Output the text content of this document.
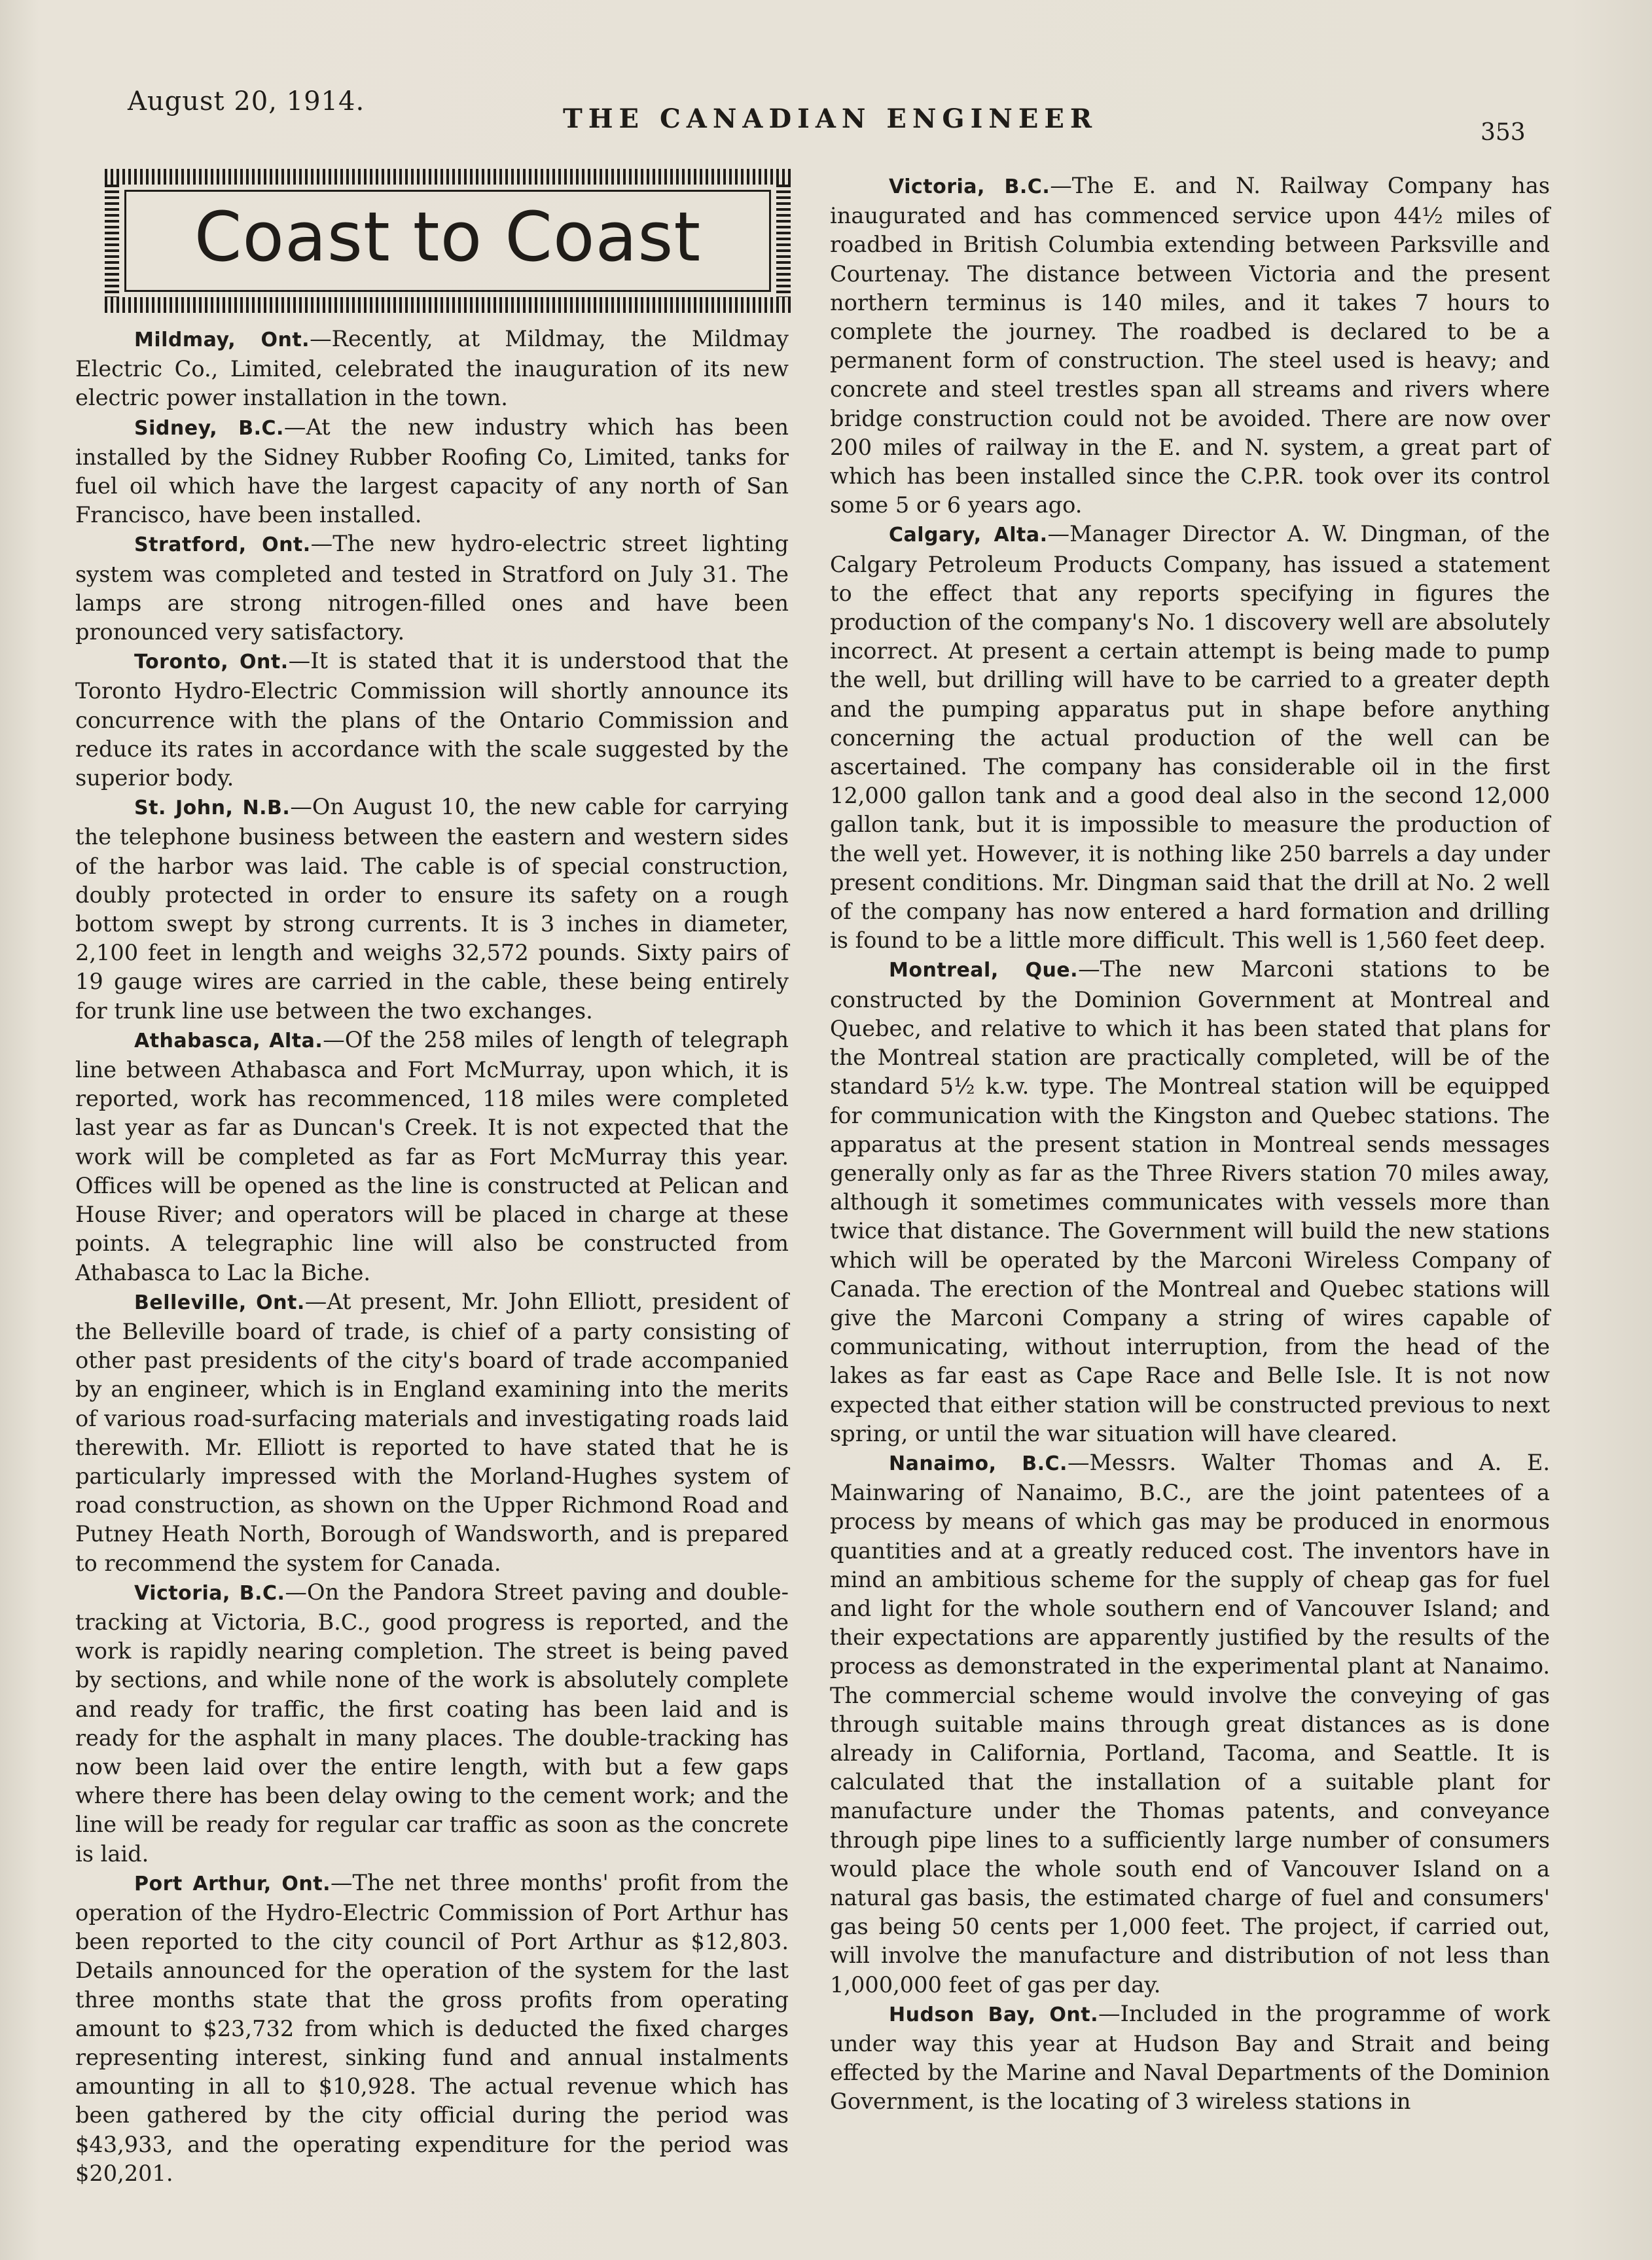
August 20, 1914.
THE CANADIAN ENGINEER	353
Coast to Coast

Mildmay, Ont.—Recently, at Mildmay, the Mildmay Electric Co., Limited, celebrated the inauguration of its new electric power installation in the town.

Sidney, B.C.—At the new industry which has been installed by the Sidney Rubber Roofing Co, Limited, tanks for fuel oil which have the largest capacity of any north of San Francisco, have been installed.

Stratford, Ont.—The new hydro-electric street lighting system was completed and tested in Stratford on July 31. The lamps are strong nitrogen-filled ones and have been pronounced very satisfactory.

Toronto, Ont.—It is stated that it is understood that the Toronto Hydro-Electric Commission will shortly announce its concurrence with the plans of the Ontario Commission and reduce its rates in accordance with the scale suggested by the superior body.

St. John, N.B.—On August 10, the new cable for carrying the telephone business between the eastern and western sides of the harbor was laid. The cable is of special construction, doubly protected in order to ensure its safety on a rough bottom swept by strong currents. It is 3 inches in diameter, 2,100 feet in length and weighs 32,572 pounds. Sixty pairs of 19 gauge wires are carried in the cable, these being entirely for trunk line use between the two exchanges.

Athabasca, Alta.—Of the 258 miles of length of telegraph line between Athabasca and Fort McMurray, upon which, it is reported, work has recommenced, 118 miles were completed last year as far as Duncan's Creek. It is not expected that the work will be completed as far as Fort McMurray this year. Offices will be opened as the line is constructed at Pelican and House River; and operators will be placed in charge at these points. A telegraphic line will also be constructed from Athabasca to Lac la Biche.

Belleville, Ont.—At present, Mr. John Elliott, president of the Belleville board of trade, is chief of a party consisting of other past presidents of the city's board of trade accompanied by an engineer, which is in England examining into the merits of various road-surfacing materials and investigating roads laid therewith. Mr. Elliott is reported to have stated that he is particularly impressed with the Morland-Hughes system of road construction, as shown on the Upper Richmond Road and Putney Heath North, Borough of Wandsworth, and is prepared to recommend the system for Canada.

Victoria, B.C.—On the Pandora Street paving and double-tracking at Victoria, B.C., good progress is reported, and the work is rapidly nearing completion. The street is being paved by sections, and while none of the work is absolutely complete and ready for traffic, the first coating has been laid and is ready for the asphalt in many places. The double-tracking has now been laid over the entire length, with but a few gaps where there has been delay owing to the cement work; and the line will be ready for regular car traffic as soon as the concrete is laid.

Port Arthur, Ont.—The net three months' profit from the operation of the Hydro-Electric Commission of Port Arthur has been reported to the city council of Port Arthur as $12,803. Details announced for the operation of the system for the last three months state that the gross profits from operating amount to $23,732 from which is deducted the fixed charges representing interest, sinking fund and annual instalments amounting in all to $10,928. The actual revenue which has been gathered by the city official during the period was $43,933, and the operating expenditure for the period was $20,201.

Victoria, B.C.—The E. and N. Railway Company has inaugurated and has commenced service upon 44½ miles of roadbed in British Columbia extending between Parksville and Courtenay. The distance between Victoria and the present northern terminus is 140 miles, and it takes 7 hours to complete the journey. The roadbed is declared to be a permanent form of construction. The steel used is heavy; and concrete and steel trestles span all streams and rivers where bridge construction could not be avoided. There are now over 200 miles of railway in the E. and N. system, a great part of which has been installed since the C.P.R. took over its control some 5 or 6 years ago.

Calgary, Alta.—Manager Director A. W. Dingman, of the Calgary Petroleum Products Company, has issued a statement to the effect that any reports specifying in figures the production of the company's No. 1 discovery well are absolutely incorrect. At present a certain attempt is being made to pump the well, but drilling will have to be carried to a greater depth and the pumping apparatus put in shape before anything concerning the actual production of the well can be ascertained. The company has considerable oil in the first 12,000 gallon tank and a good deal also in the second 12,000 gallon tank, but it is impossible to measure the production of the well yet. However, it is nothing like 250 barrels a day under present conditions. Mr. Dingman said that the drill at No. 2 well of the company has now entered a hard formation and drilling is found to be a little more difficult. This well is 1,560 feet deep.

Montreal, Que.—The new Marconi stations to be constructed by the Dominion Government at Montreal and Quebec, and relative to which it has been stated that plans for the Montreal station are practically completed, will be of the standard 5½ k.w. type. The Montreal station will be equipped for communication with the Kingston and Quebec stations. The apparatus at the present station in Montreal sends messages generally only as far as the Three Rivers station 70 miles away, although it sometimes communicates with vessels more than twice that distance. The Government will build the new stations which will be operated by the Marconi Wireless Company of Canada. The erection of the Montreal and Quebec stations will give the Marconi Company a string of wires capable of communicating, without interruption, from the head of the lakes as far east as Cape Race and Belle Isle. It is not now expected that either station will be constructed previous to next spring, or until the war situation will have cleared.

Nanaimo, B.C.—Messrs. Walter Thomas and A. E. Mainwaring of Nanaimo, B.C., are the joint patentees of a process by means of which gas may be produced in enormous quantities and at a greatly reduced cost. The inventors have in mind an ambitious scheme for the supply of cheap gas for fuel and light for the whole southern end of Vancouver Island; and their expectations are apparently justified by the results of the process as demonstrated in the experimental plant at Nanaimo. The commercial scheme would involve the conveying of gas through suitable mains through great distances as is done already in California, Portland, Tacoma, and Seattle. It is calculated that the installation of a suitable plant for manufacture under the Thomas patents, and conveyance through pipe lines to a sufficiently large number of consumers would place the whole south end of Vancouver Island on a natural gas basis, the estimated charge of fuel and consumers' gas being 50 cents per 1,000 feet. The project, if carried out, will involve the manufacture and distribution of not less than 1,000,000 feet of gas per day.

Hudson Bay, Ont.—Included in the programme of work under way this year at Hudson Bay and Strait and being effected by the Marine and Naval Departments of the Dominion Government, is the locating of 3 wireless stations in
